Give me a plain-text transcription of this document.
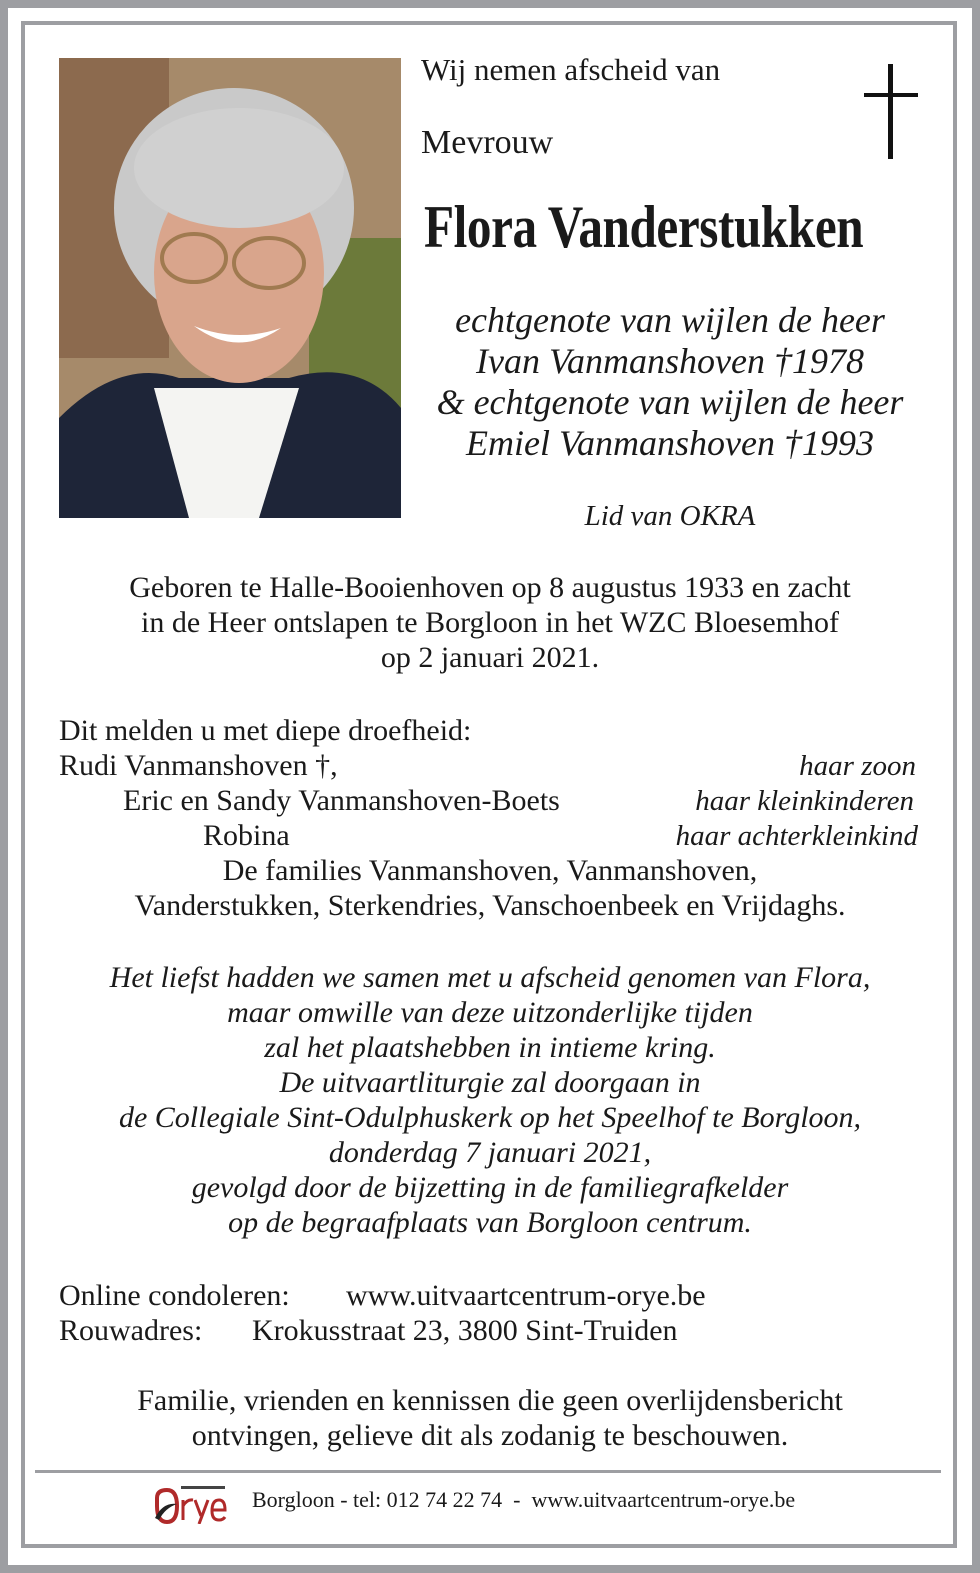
Wij nemen afscheid van
Mevrouw
Flora Vanderstukken
echtgenote van wijlen de heer
Ivan Vanmanshoven †1978
& echtgenote van wijlen de heer
Emiel Vanmanshoven †1993
Lid van OKRA
Geboren te Halle-Booienhoven op 8 augustus 1933 en zacht
in de Heer ontslapen te Borgloon in het WZC Bloesemhof
op 2 januari 2021.
Dit melden u met diepe droefheid:
Rudi Vanmanshoven †,	haar zoon
Eric en Sandy Vanmanshoven-Boets	haar kleinkinderen
Robina	haar achterkleinkind
De families Vanmanshoven, Vanmanshoven,
Vanderstukken, Sterkendries, Vanschoenbeek en Vrijdaghs.
Het liefst hadden we samen met u afscheid genomen van Flora,
maar omwille van deze uitzonderlijke tijden
zal het plaatshebben in intieme kring.
De uitvaartliturgie zal doorgaan in
de Collegiale Sint-Odulphuskerk op het Speelhof te Borgloon,
donderdag 7 januari 2021,
gevolgd door de bijzetting in de familiegrafkelder
op de begraafplaats van Borgloon centrum.
Online condoleren: www.uitvaartcentrum-orye.be
Rouwadres: Krokusstraat 23, 3800 Sint-Truiden
Familie, vrienden en kennissen die geen overlijdensbericht
ontvingen, gelieve dit als zodanig te beschouwen.
Borgloon - tel: 012 74 22 74  -  www.uitvaartcentrum-orye.be
